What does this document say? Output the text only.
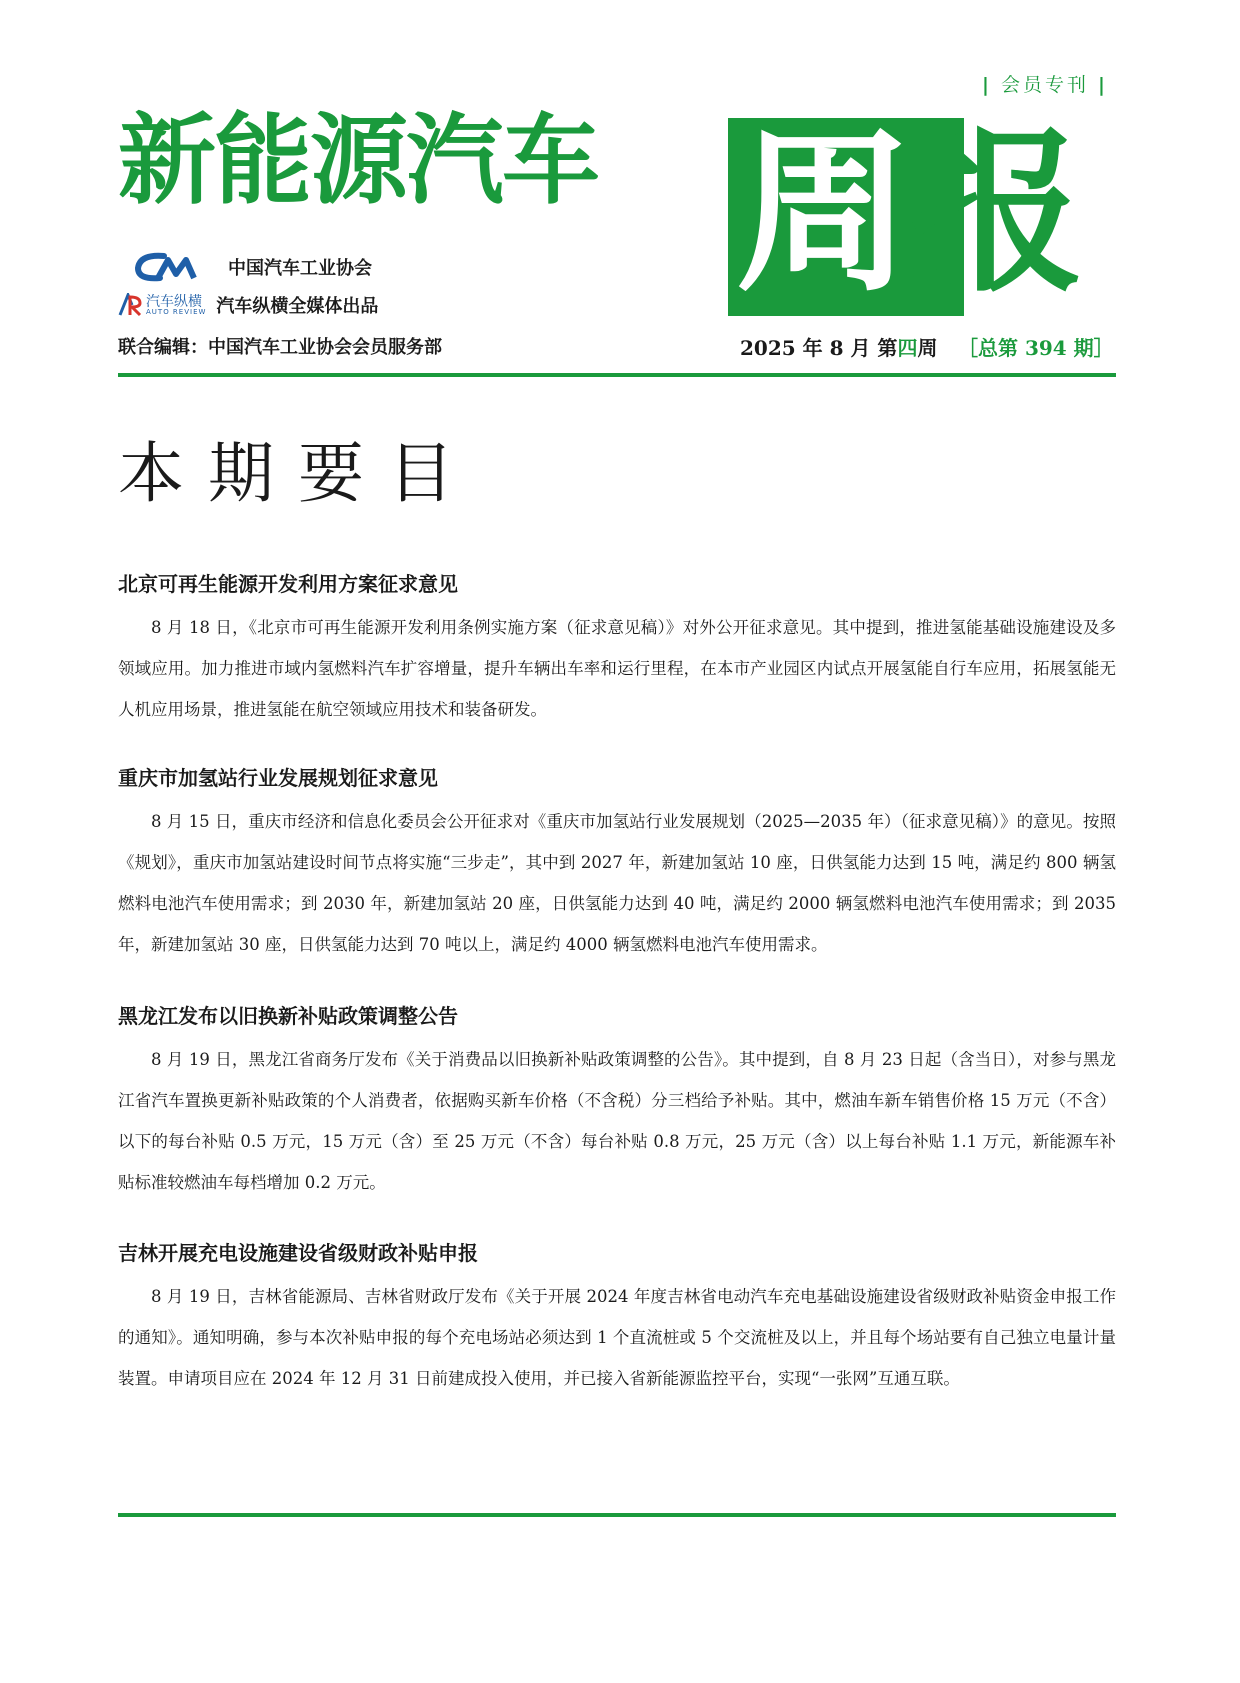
| 会员专刊 |
新能源汽车 周报
中国汽车工业协会
汽车纵横
AUTO REVIEW 汽车纵横全媒体出品
联合编辑：中国汽车工业协会会员服务部	2025 年 8 月 第四周 ［总第 394 期］
本期要目
北京可再生能源开发利用方案征求意见

8 月 18 日，《北京市可再生能源开发利用条例实施方案（征求意见稿）》对外公开征求意见。其中提到，推进氢能基础设施建设及多领域应用。加力推进市域内氢燃料汽车扩容增量，提升车辆出车率和运行里程，在本市产业园区内试点开展氢能自行车应用，拓展氢能无人机应用场景，推进氢能在航空领域应用技术和装备研发。

重庆市加氢站行业发展规划征求意见

8 月 15 日，重庆市经济和信息化委员会公开征求对《重庆市加氢站行业发展规划（2025—2035 年）（征求意见稿）》的意见。按照《规划》，重庆市加氢站建设时间节点将实施“三步走”，其中到 2027 年，新建加氢站 10 座，日供氢能力达到 15 吨，满足约 800 辆氢燃料电池汽车使用需求；到 2030 年，新建加氢站 20 座，日供氢能力达到 40 吨，满足约 2000 辆氢燃料电池汽车使用需求；到 2035 年，新建加氢站 30 座，日供氢能力达到 70 吨以上，满足约 4000 辆氢燃料电池汽车使用需求。

黑龙江发布以旧换新补贴政策调整公告

8 月 19 日，黑龙江省商务厅发布《关于消费品以旧换新补贴政策调整的公告》。其中提到，自 8 月 23 日起（含当日），对参与黑龙江省汽车置换更新补贴政策的个人消费者，依据购买新车价格（不含税）分三档给予补贴。其中，燃油车新车销售价格 15 万元（不含）以下的每台补贴 0.5 万元，15 万元（含）至 25 万元（不含）每台补贴 0.8 万元，25 万元（含）以上每台补贴 1.1 万元，新能源车补贴标准较燃油车每档增加 0.2 万元。

吉林开展充电设施建设省级财政补贴申报

8 月 19 日，吉林省能源局、吉林省财政厅发布《关于开展 2024 年度吉林省电动汽车充电基础设施建设省级财政补贴资金申报工作的通知》。通知明确，参与本次补贴申报的每个充电场站必须达到 1 个直流桩或 5 个交流桩及以上，并且每个场站要有自己独立电量计量装置。申请项目应在 2024 年 12 月 31 日前建成投入使用，并已接入省新能源监控平台，实现“一张网”互通互联。
